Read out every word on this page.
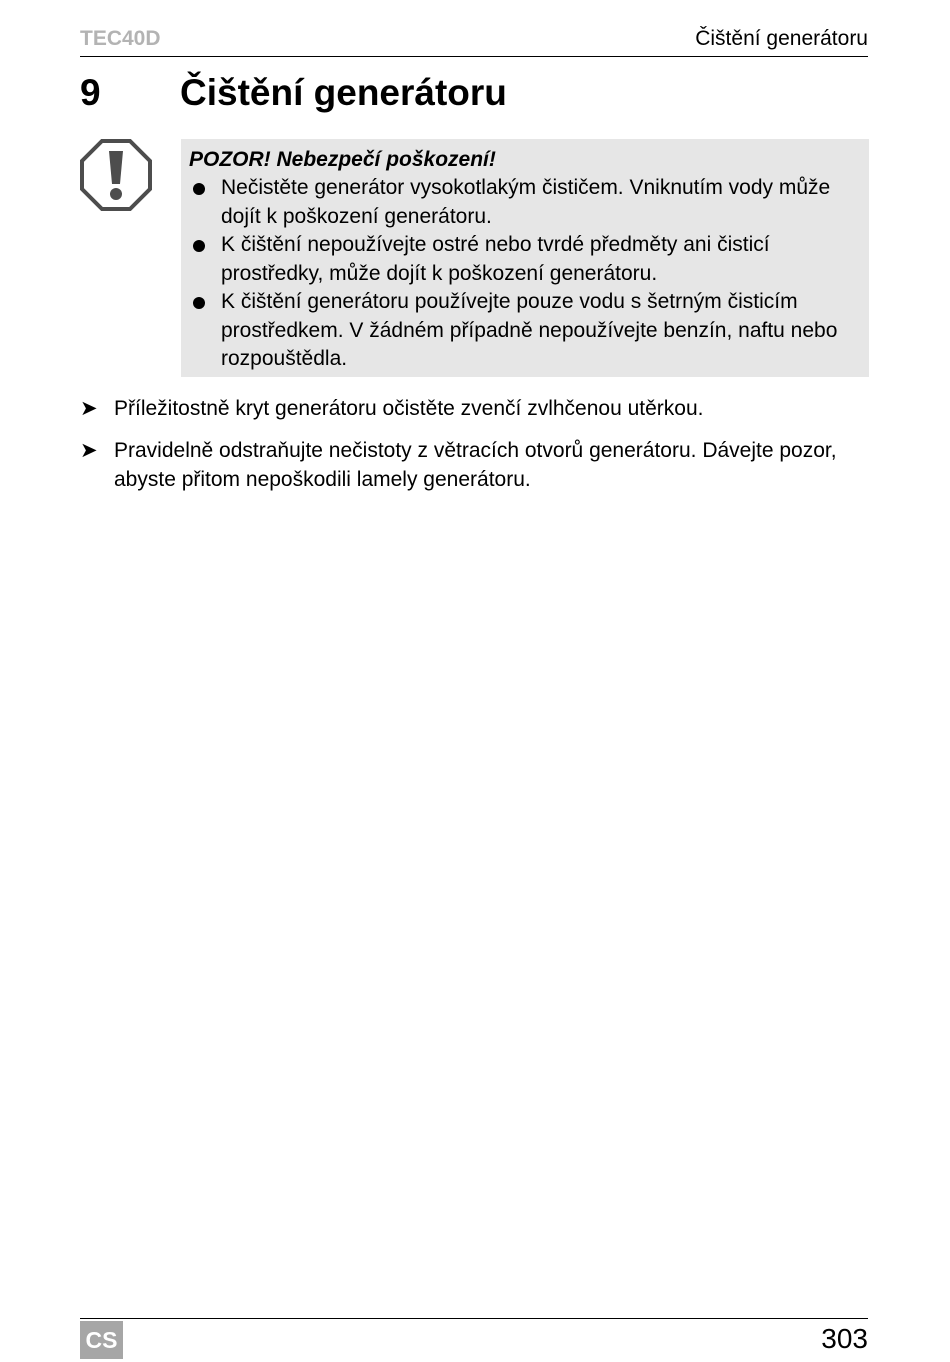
TEC40D	Čištění generátoru
9 Čištění generátoru
POZOR! Nebezpečí poškození!
Nečistěte generátor vysokotlakým čističem. Vniknutím vody může dojít k poškození generátoru.
K čištění nepoužívejte ostré nebo tvrdé předměty ani čisticí prostředky, může dojít k poškození generátoru.
K čištění generátoru používejte pouze vodu s šetrným čisticím prostředkem. V žádném případně nepoužívejte benzín, naftu nebo rozpouštědla.
➤ Příležitostně kryt generátoru očistěte zvenčí zvlhčenou utěrkou.
➤ Pravidelně odstraňujte nečistoty z větracích otvorů generátoru. Dávejte pozor, abyste přitom nepoškodili lamely generátoru.
CS	303
